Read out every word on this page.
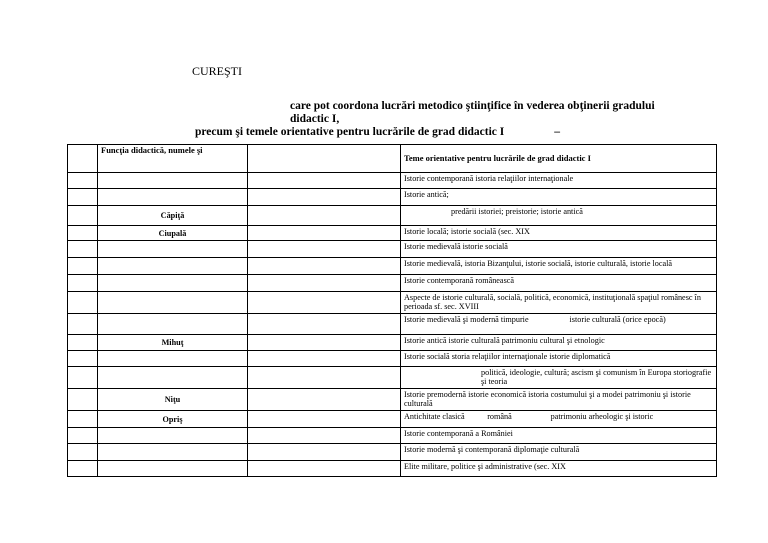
CUREŞTI
care pot coordona lucrări metodico ştiinţifice în vederea obţinerii gradului didactic I,
precum şi temele orientative pentru lucrările de grad didactic I	–
	Funcţia didactică, numele şi		Teme orientative pentru lucrările de grad didactic I
			Istorie contemporană istoria relaţiilor internaţionale
			Istorie antică;
	Căpiţă		predării istoriei; preistorie; istorie antică
	Ciupală		Istorie locală; istorie socială (sec. XIX
			Istorie medievală istorie socială
			Istorie medievală, istoria Bizanţului, istorie socială, istorie culturală, istorie locală
			Istorie contemporană românească
			Aspecte de istorie culturală, socială, politică, economică, instituţională spaţiul românesc în perioada sf. sec. XVIII
			Istorie medievală şi modernă timpurie                    istorie culturală (orice epocă)
	Mihuţ		Istorie antică istorie culturală patrimoniu cultural şi etnologic
			Istorie socială storia relaţiilor internaţionale istorie diplomatică
			politică, ideologie, cultură; ascism şi comunism în Europa storiografie şi teoria
	Niţu		Istorie premodernă istorie economică istoria costumului şi a modei patrimoniu şi istorie culturală
	Opriş		Antichitate clasică           română                   patrimoniu arheologic şi istoric
			Istorie contemporană a României
			Istorie modernă şi contemporană diplomaţie culturală
			Elite militare, politice şi administrative (sec. XIX
